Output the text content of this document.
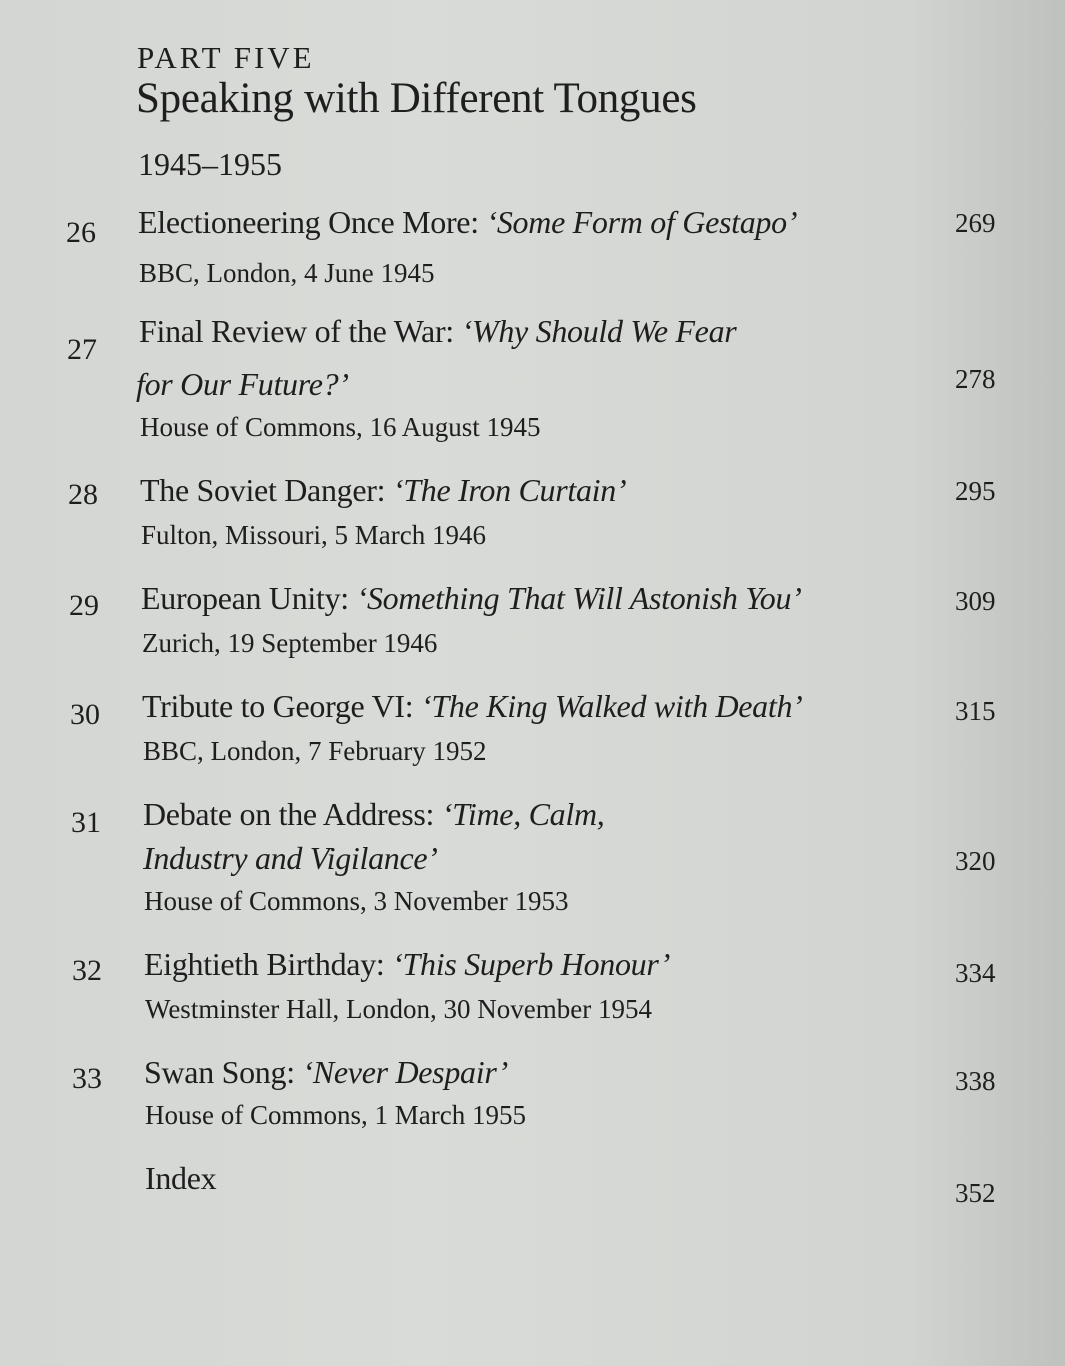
PART FIVE
Speaking with Different Tongues
1945–1955
26 Electioneering Once More: ‘Some Form of Gestapo’	269
BBC, London, 4 June 1945
27
Final Review of the War: ‘Why Should We Fear
for Our Future?’	278
House of Commons, 16 August 1945
28 The Soviet Danger: ‘The Iron Curtain’	295
Fulton, Missouri, 5 March 1946
29 European Unity: ‘Something That Will Astonish You’	309
Zurich, 19 September 1946
30 Tribute to George VI: ‘The King Walked with Death’	315
BBC, London, 7 February 1952
31 Debate on the Address: ‘Time, Calm,
Industry and Vigilance’	320
House of Commons, 3 November 1953
32 Eightieth Birthday: ‘This Superb Honour’	334
Westminster Hall, London, 30 November 1954
33 Swan Song: ‘Never Despair’	338
House of Commons, 1 March 1955
Index	352
